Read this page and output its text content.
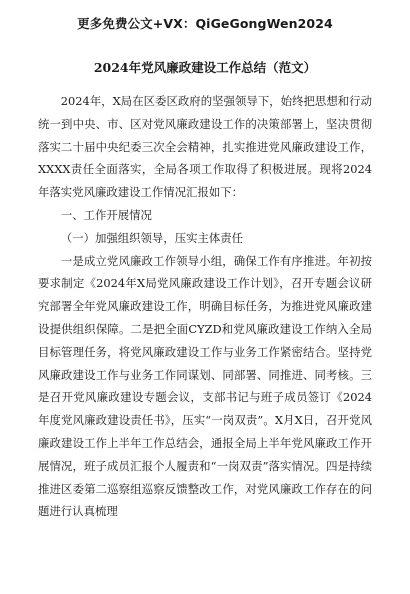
更多免费公文+VX：QiGeGongWen2024
2024年党风廉政建设工作总结（范文）

2024年，X局在区委区政府的坚强领导下，始终把思想和行动统一到中央、市、区对党风廉政建设工作的决策部署上，坚决贯彻落实二十届中央纪委三次全会精神，扎实推进党风廉政建设工作，XXXX责任全面落实，全局各项工作取得了积极进展。现将2024年落实党风廉政建设工作情况汇报如下：

一、工作开展情况

（一）加强组织领导，压实主体责任

一是成立党风廉政工作领导小组，确保工作有序推进。年初按要求制定《2024年X局党风廉政建设工作计划》，召开专题会议研究部署全年党风廉政建设工作，明确目标任务，为推进党风廉政建设提供组织保障。二是把全面CYZD和党风廉政建设工作纳入全局目标管理任务，将党风廉政建设工作与业务工作紧密结合。坚持党风廉政建设工作与业务工作同谋划、同部署、同推进、同考核。三是召开党风廉政建设专题会议，支部书记与班子成员签订《2024年度党风廉政建设责任书》，压实“一岗双责”。X月X日，召开党风廉政建设工作上半年工作总结会，通报全局上半年党风廉政工作开展情况，班子成员汇报个人履责和“一岗双责”落实情况。四是持续推进区委第二巡察组巡察反馈整改工作，对党风廉政工作存在的问题进行认真梳理
